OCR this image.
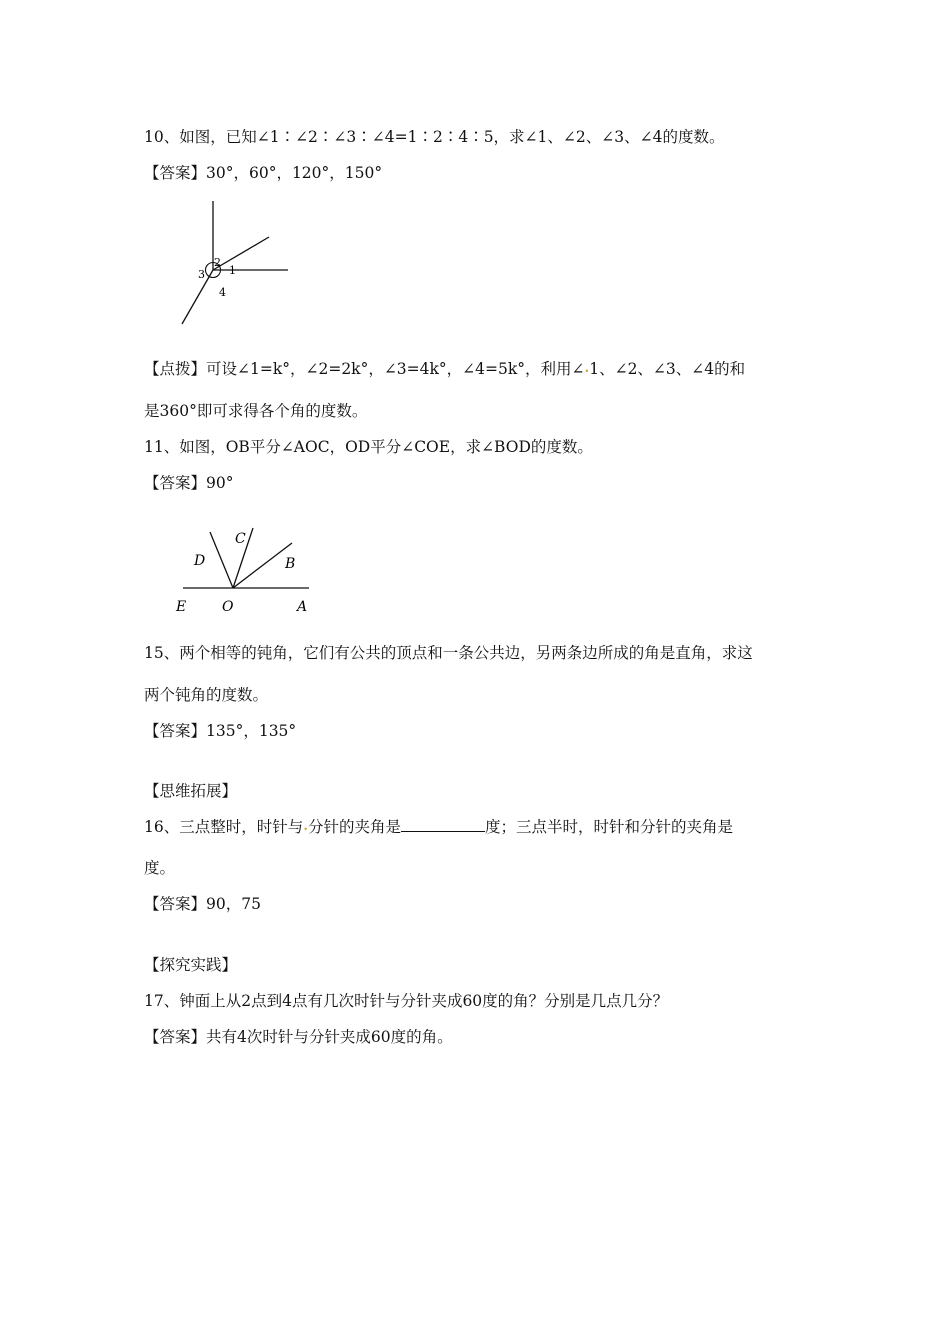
10、如图，已知∠1∶∠2∶∠3∶∠4=1∶2∶4∶5，求∠1、∠2、∠3、∠4的度数。
【答案】30°，60°，120°，150°
1
2
3
4
【点拨】可设∠1=k°，∠2=2k°，∠3=4k°，∠4=5k°，利用∠•1、∠2、∠3、∠4的和
是360°即可求得各个角的度数。
11、如图，OB平分∠AOC，OD平分∠COE，求∠BOD的度数。
【答案】90°
C
D	B
E	O	A
15、两个相等的钝角，它们有公共的顶点和一条公共边，另两条边所成的角是直角，求这
两个钝角的度数。
【答案】135°，135°
【思维拓展】
16、三点整时，时针与•分针的夹角是	度；三点半时，时针和分针的夹角是
度。
【答案】90，75
【探究实践】
17、钟面上从2点到4点有几次时针与分针夹成60度的角？分别是几点几分？
【答案】共有4次时针与分针夹成60度的角。
